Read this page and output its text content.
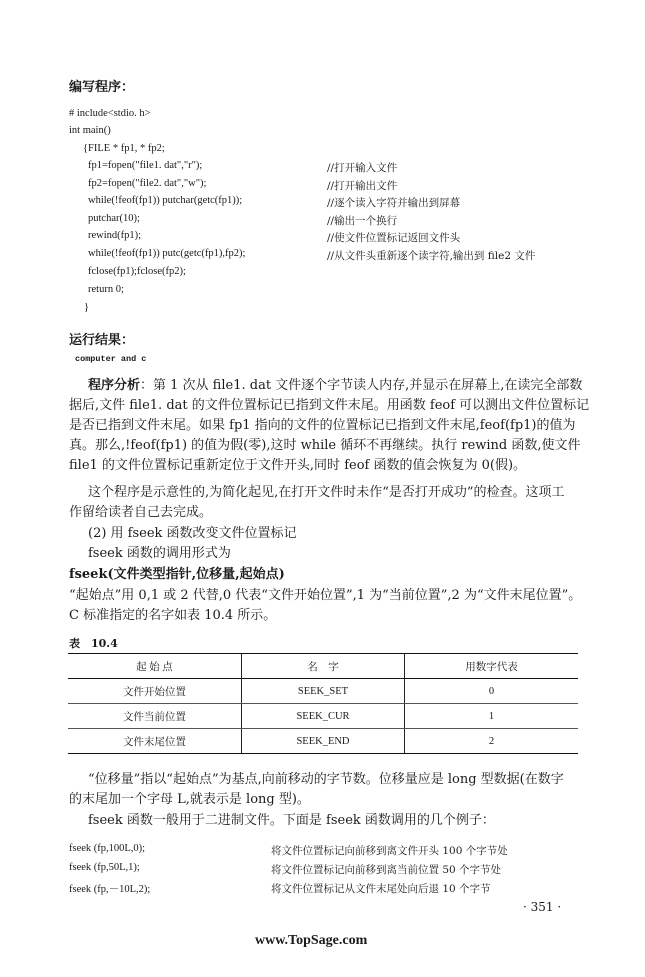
编写程序：
# include<stdio. h>
int main()
{FILE * fp1, * fp2;
fp1=fopen("file1. dat","r");	//打开输入文件
fp2=fopen("file2. dat","w");	//打开输出文件
while(!feof(fp1)) putchar(getc(fp1));	//逐个读入字符并输出到屏幕
putchar(10);	//输出一个换行
rewind(fp1);	//使文件位置标记返回文件头
while(!feof(fp1)) putc(getc(fp1),fp2);	//从文件头重新逐个读字符,输出到 file2 文件
fclose(fp1);fclose(fp2);
return 0;
}
运行结果：
computer and c
程序分析：第 1 次从 file1. dat 文件逐个字节读人内存,并显示在屏幕上,在读完全部数
据后,文件 file1. dat 的文件位置标记已指到文件末尾。用函数 feof 可以测出文件位置标记
是否已指到文件末尾。如果 fp1 指向的文件的位置标记已指到文件末尾,feof(fp1)的值为
真。那么,!feof(fp1) 的值为假(零),这时 while 循环不再继续。执行 rewind 函数,使文件
file1 的文件位置标记重新定位于文件开头,同时 feof 函数的值会恢复为 0(假)。
这个程序是示意性的,为简化起见,在打开文件时未作“是否打开成功”的检查。这项工
作留给读者自己去完成。
(2) 用 fseek 函数改变文件位置标记
fseek 函数的调用形式为
fseek(文件类型指针,位移量,起始点)
“起始点”用 0,1 或 2 代替,0 代表“文件开始位置”,1 为“当前位置”,2 为“文件末尾位置”。
C 标准指定的名字如表 10.4 所示。
表　10.4
起 始 点	名　字	用数字代表
文件开始位置	SEEK_SET	0
文件当前位置	SEEK_CUR	1
文件末尾位置	SEEK_END	2
“位移量”指以“起始点”为基点,向前移动的字节数。位移量应是 long 型数据(在数字
的末尾加一个字母 L,就表示是 long 型)。
fseek 函数一般用于二进制文件。下面是 fseek 函数调用的几个例子：
fseek (fp,100L,0);	将文件位置标记向前移到离文件开头 100 个字节处
fseek (fp,50L,1);	将文件位置标记向前移到离当前位置 50 个字节处
fseek (fp,－10L,2);	将文件位置标记从文件末尾处向后退 10 个字节
· 351 ·
www.TopSage.com
